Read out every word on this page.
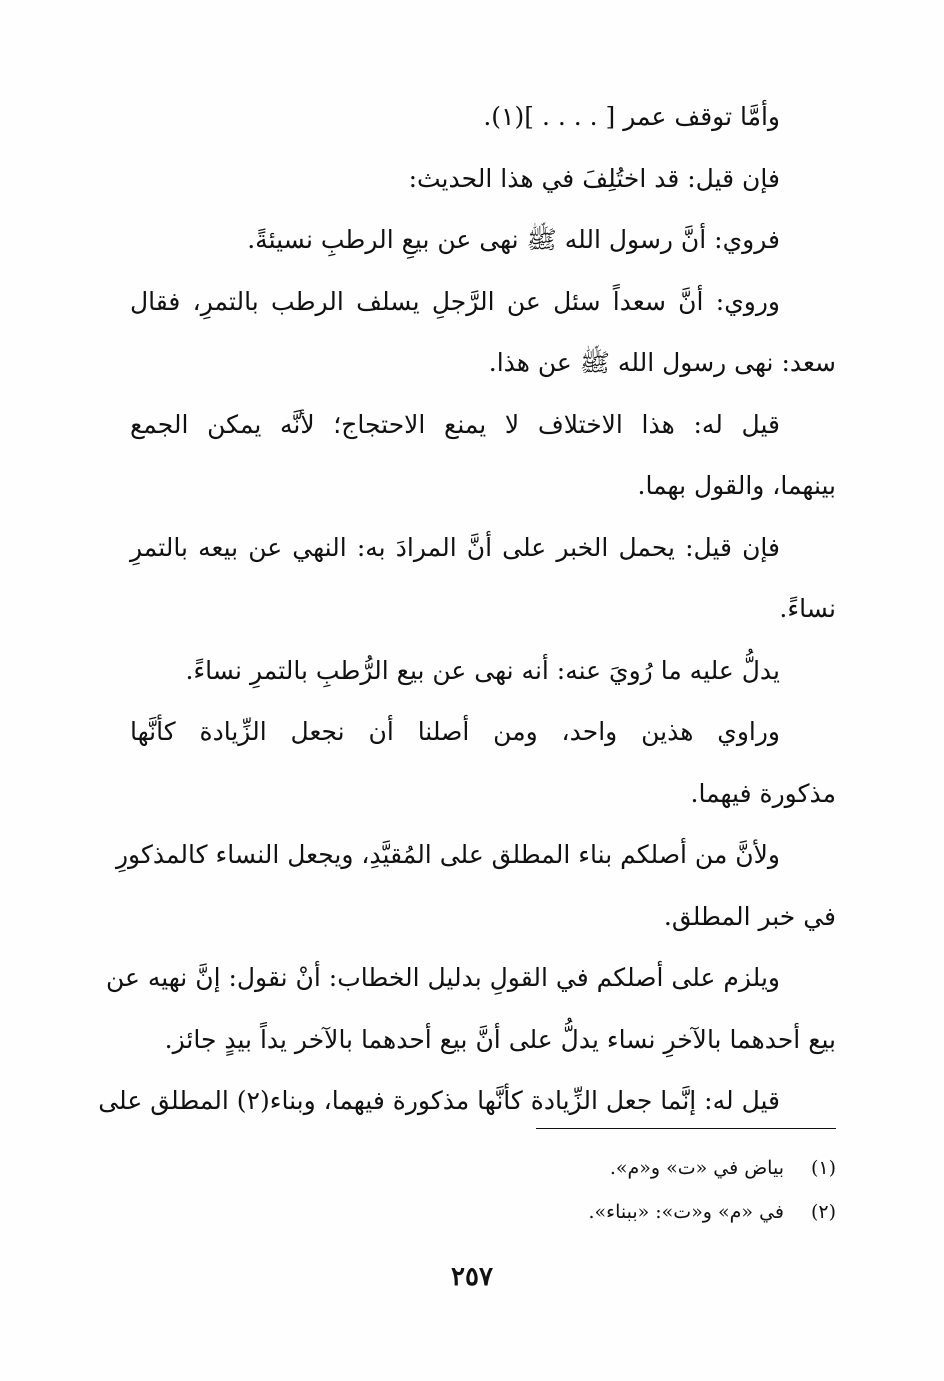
وأمَّا توقف عمر [ . . . . ](١).
فإن قيل: قد اختُلِفَ في هذا الحديث:
فروي: أنَّ رسول الله ﷺ نهى عن بيعِ الرطبِ نسيئةً.
وروي: أنَّ سعداً سئل عن الرَّجلِ يسلف الرطب بالتمرِ، فقال
سعد: نهى رسول الله ﷺ عن هذا.
قيل له: هذا الاختلاف لا يمنع الاحتجاج؛ لأنَّه يمكن الجمع
بينهما، والقول بهما.
فإن قيل: يحمل الخبر على أنَّ المرادَ به: النهي عن بيعه بالتمرِ
نساءً.
يدلُّ عليه ما رُويَ عنه: أنه نهى عن بيع الرُّطبِ بالتمرِ نساءً.
وراوي هذين واحد، ومن أصلنا أن نجعل الزِّيادة كأنَّها
مذكورة فيهما.
ولأنَّ من أصلكم بناء المطلق على المُقيَّدِ، ويجعل النساء كالمذكورِ
في خبر المطلق.
ويلزم على أصلكم في القولِ بدليل الخطاب: أنْ نقول: إنَّ نهيه عن
بيع أحدهما بالآخرِ نساء يدلُّ على أنَّ بيع أحدهما بالآخر يداً بيدٍ جائز.
قيل له: إنَّما جعل الزِّيادة كأنَّها مذكورة فيهما، وبناء(٢) المطلق على
(١)بياض في «ت» و«م».
(٢)في «م» و«ت»: «ببناء».
٢٥٧
